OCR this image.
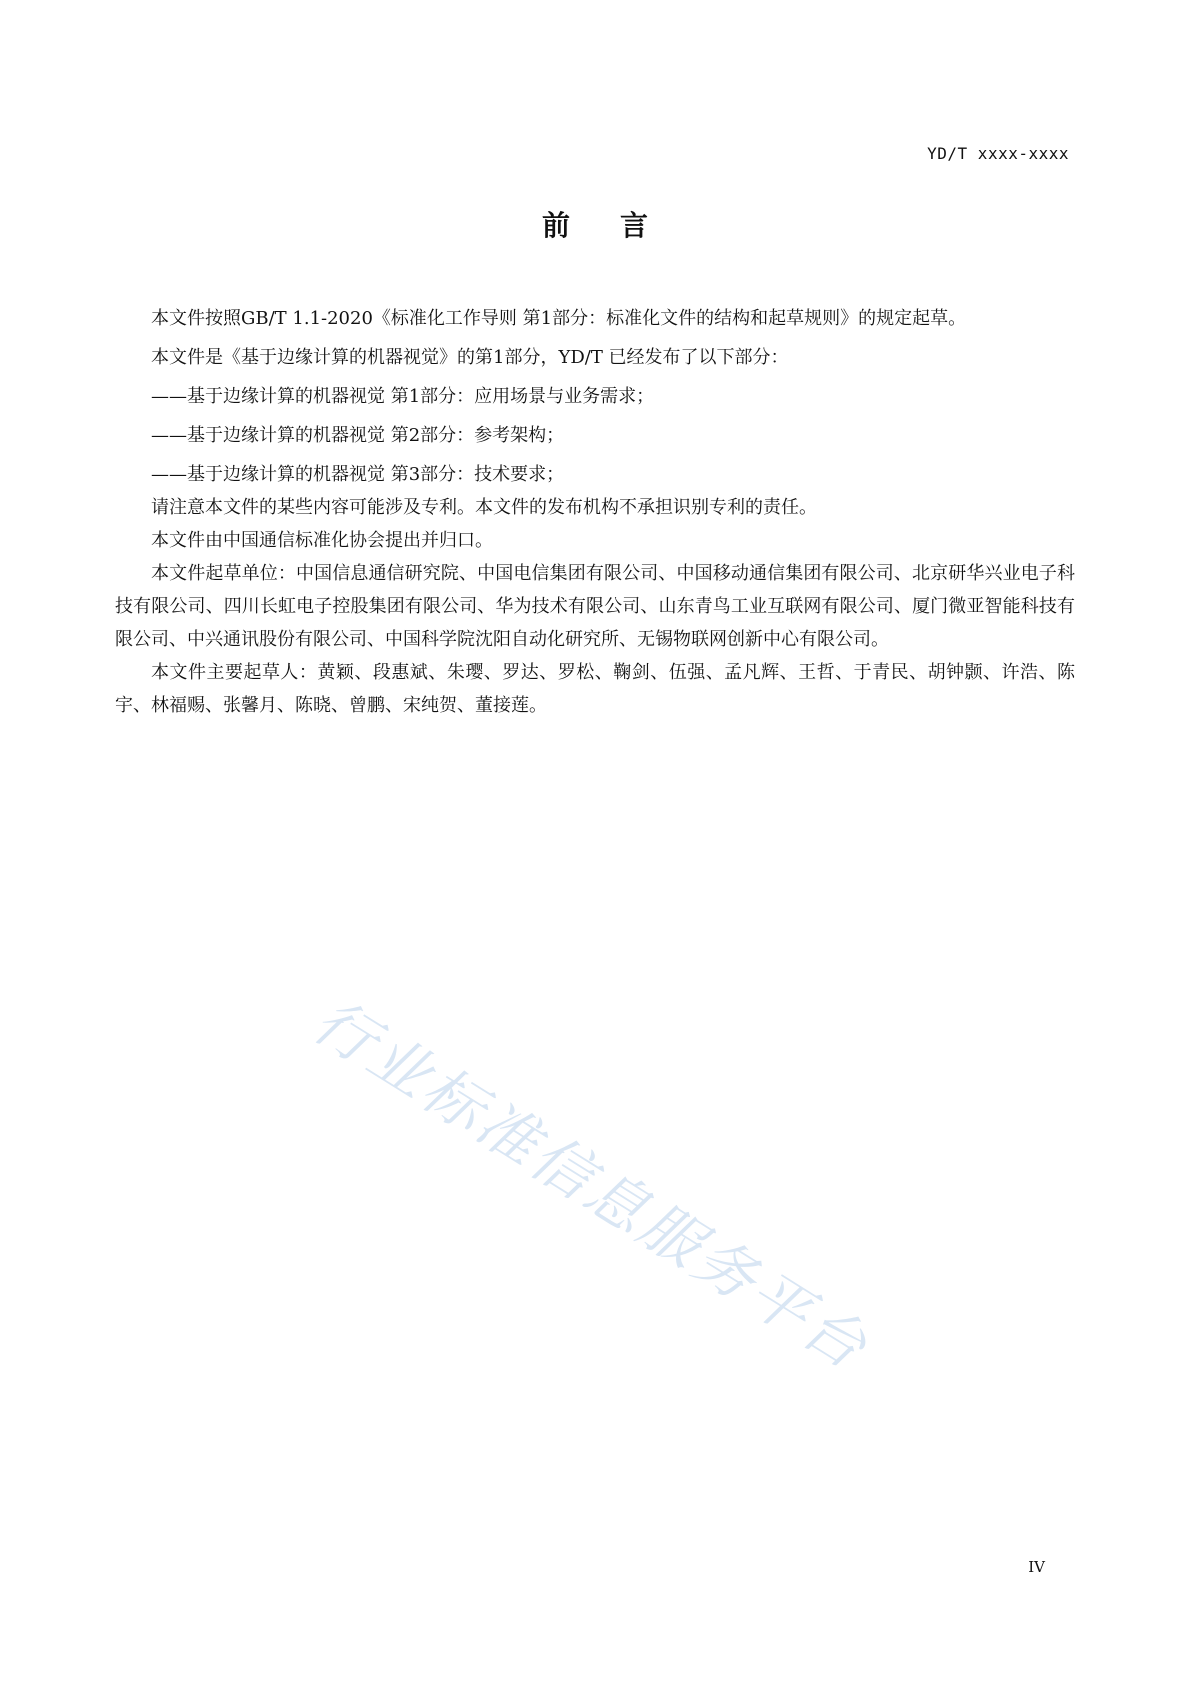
YD/T xxxx-xxxx
前言

本文件按照GB/T 1.1-2020《标准化工作导则 第1部分：标准化文件的结构和起草规则》的规定起草。

本文件是《基于边缘计算的机器视觉》的第1部分，YD/T 已经发布了以下部分：

——基于边缘计算的机器视觉 第1部分：应用场景与业务需求；

——基于边缘计算的机器视觉 第2部分：参考架构；

——基于边缘计算的机器视觉 第3部分：技术要求；

请注意本文件的某些内容可能涉及专利。本文件的发布机构不承担识别专利的责任。

本文件由中国通信标准化协会提出并归口。

本文件起草单位：中国信息通信研究院、中国电信集团有限公司、中国移动通信集团有限公司、北京研华兴业电子科技有限公司、四川长虹电子控股集团有限公司、华为技术有限公司、山东青鸟工业互联网有限公司、厦门微亚智能科技有限公司、中兴通讯股份有限公司、中国科学院沈阳自动化研究所、无锡物联网创新中心有限公司。

本文件主要起草人：黄颖、段惠斌、朱璎、罗达、罗松、鞠剑、伍强、孟凡辉、王哲、于青民、胡钟颢、许浩、陈宇、林福赐、张馨月、陈晓、曾鹏、宋纯贺、董接莲。

行业标准信息服务平台
IV
